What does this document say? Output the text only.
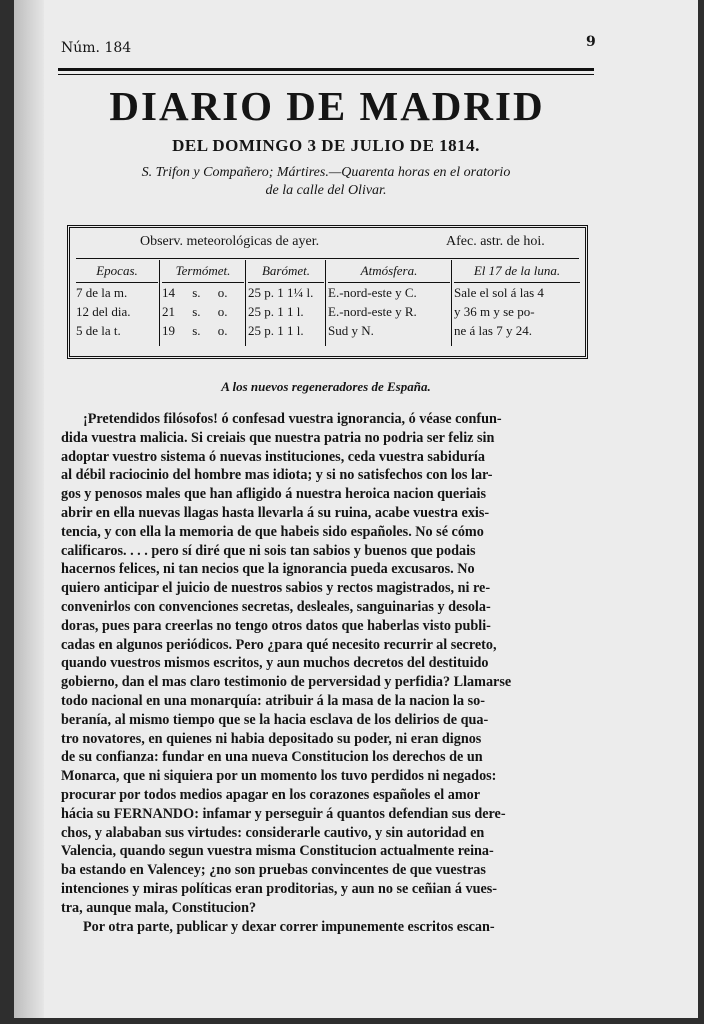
Núm. 184	9
DIARIO DE MADRID
DEL DOMINGO 3 DE JULIO DE 1814.
S. Trifon y Compañero; Mártires.—Quarenta horas en el oratorio
de la calle del Olivar.
Observ. meteorológicas de ayer.	Afec. astr. de hoi.
Epocas.
7 de la m.
12 del dia.
5 de la t.
Termómet.
14 s. o.
21 s. o.
19 s. o.
Barómet.
25 p. 1 1¼ l.
25 p. 1 1 l.
25 p. 1 1 l.
Atmósfera.
E.-nord-este y C.
E.-nord-este y R.
Sud y N.
El 17 de la luna.
Sale el sol á las 4
y 36 m y se po-
ne á las 7 y 24.
A los nuevos regeneradores de España.
¡Pretendidos filósofos! ó confesad vuestra ignorancia, ó véase confun-
dida vuestra malicia. Si creiais que nuestra patria no podria ser feliz sin
adoptar vuestro sistema ó nuevas instituciones, ceda vuestra sabiduría
al débil raciocinio del hombre mas idiota; y si no satisfechos con los lar-
gos y penosos males que han afligido á nuestra heroica nacion queriais
abrir en ella nuevas llagas hasta llevarla á su ruina, acabe vuestra exis-
tencia, y con ella la memoria de que habeis sido españoles. No sé cómo
calificaros. . . . pero sí diré que ni sois tan sabios y buenos que podais
hacernos felices, ni tan necios que la ignorancia pueda excusaros. No
quiero anticipar el juicio de nuestros sabios y rectos magistrados, ni re-
convenirlos con convenciones secretas, desleales, sanguinarias y desola-
doras, pues para creerlas no tengo otros datos que haberlas visto publi-
cadas en algunos periódicos. Pero ¿para qué necesito recurrir al secreto,
quando vuestros mismos escritos, y aun muchos decretos del destituido
gobierno, dan el mas claro testimonio de perversidad y perfidia? Llamarse
todo nacional en una monarquía: atribuir á la masa de la nacion la so-
beranía, al mismo tiempo que se la hacia esclava de los delirios de qua-
tro novatores, en quienes ni habia depositado su poder, ni eran dignos
de su confianza: fundar en una nueva Constitucion los derechos de un
Monarca, que ni siquiera por un momento los tuvo perdidos ni negados:
procurar por todos medios apagar en los corazones españoles el amor
hácia su FERNANDO: infamar y perseguir á quantos defendian sus dere-
chos, y alababan sus virtudes: considerarle cautivo, y sin autoridad en
Valencia, quando segun vuestra misma Constitucion actualmente reina-
ba estando en Valencey; ¿no son pruebas convincentes de que vuestras
intenciones y miras políticas eran proditorias, y aun no se ceñian á vues-
tra, aunque mala, Constitucion?
Por otra parte, publicar y dexar correr impunemente escritos escan-
